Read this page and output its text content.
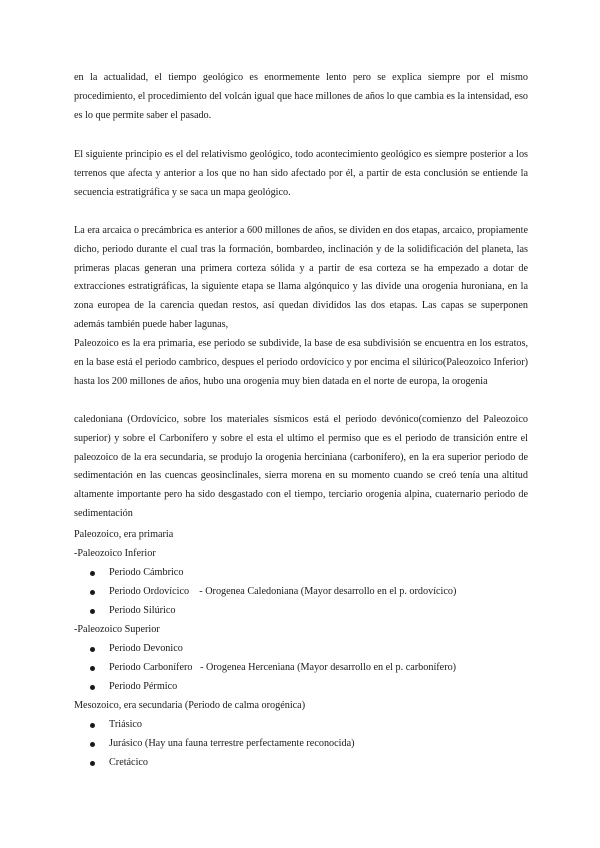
en la actualidad, el tiempo geológico es enormemente lento pero se explica siempre por el mismo procedimiento, el procedimiento del volcán igual que hace millones de años lo que cambia es la intensidad, eso es lo que permite saber el pasado.
El siguiente principio es el del relativismo geológico, todo acontecimiento geológico es siempre posterior a los terrenos que afecta y anterior a los que no han sido afectado por él, a partir de esta conclusión se entiende la secuencia estratigráfica y se saca un mapa geológico.
La era arcaica o precámbrica es anterior a 600 millones de años, se dividen en dos etapas, arcaico, propiamente dicho, periodo durante el cual tras la formación, bombardeo, inclinación y de la solidificación del planeta, las primeras placas generan una primera corteza sólida y a partir de esa corteza se ha empezado a dotar de extracciones estratigráficas, la siguiente etapa se llama algónquico y las divide una orogenia huroniana, en la zona europea de la carencia quedan restos, así quedan divididos las dos etapas. Las capas se superponen además también puede haber lagunas,
Paleozoico es la era primaria, ese periodo se subdivide, la base de esa subdivisión se encuentra en los estratos, en la base está el periodo cambrico, despues el periodo ordovícico y por encima el silúrico(Paleozoico Inferior) hasta los 200 millones de años, hubo una orogenia muy bien datada en el norte de europa, la orogenia
caledoniana (Ordovícico, sobre los materiales sísmicos está el periodo devónico(comienzo del Paleozoico superior) y sobre el Carbonífero y sobre el esta el ultimo el permiso que es el periodo de transición entre el paleozoico de la era secundaria, se produjo la orogenia herciniana (carbonífero), en la era superior periodo de sedimentación en las cuencas geosinclinales, sierra morena en su momento cuando se creó tenía una altitud altamente importante pero ha sido desgastado con el tiempo, terciario orogenia alpina, cuaternario periodo de sedimentación
Paleozoico, era primaria
-Paleozoico Inferior
Periodo Cámbrico
Periodo Ordovícico    - Orogenea Caledoniana (Mayor desarrollo en el p. ordovícico)
Periodo Silúrico
-Paleozoico Superior
Periodo Devonico
Periodo Carbonífero   - Orogenea Herceniana (Mayor desarrollo en el p. carbonífero)
Periodo Pérmico
Mesozoico, era secundaria (Periodo de calma orogénica)
Triásico
Jurásico (Hay una fauna terrestre perfectamente reconocida)
Cretácico
